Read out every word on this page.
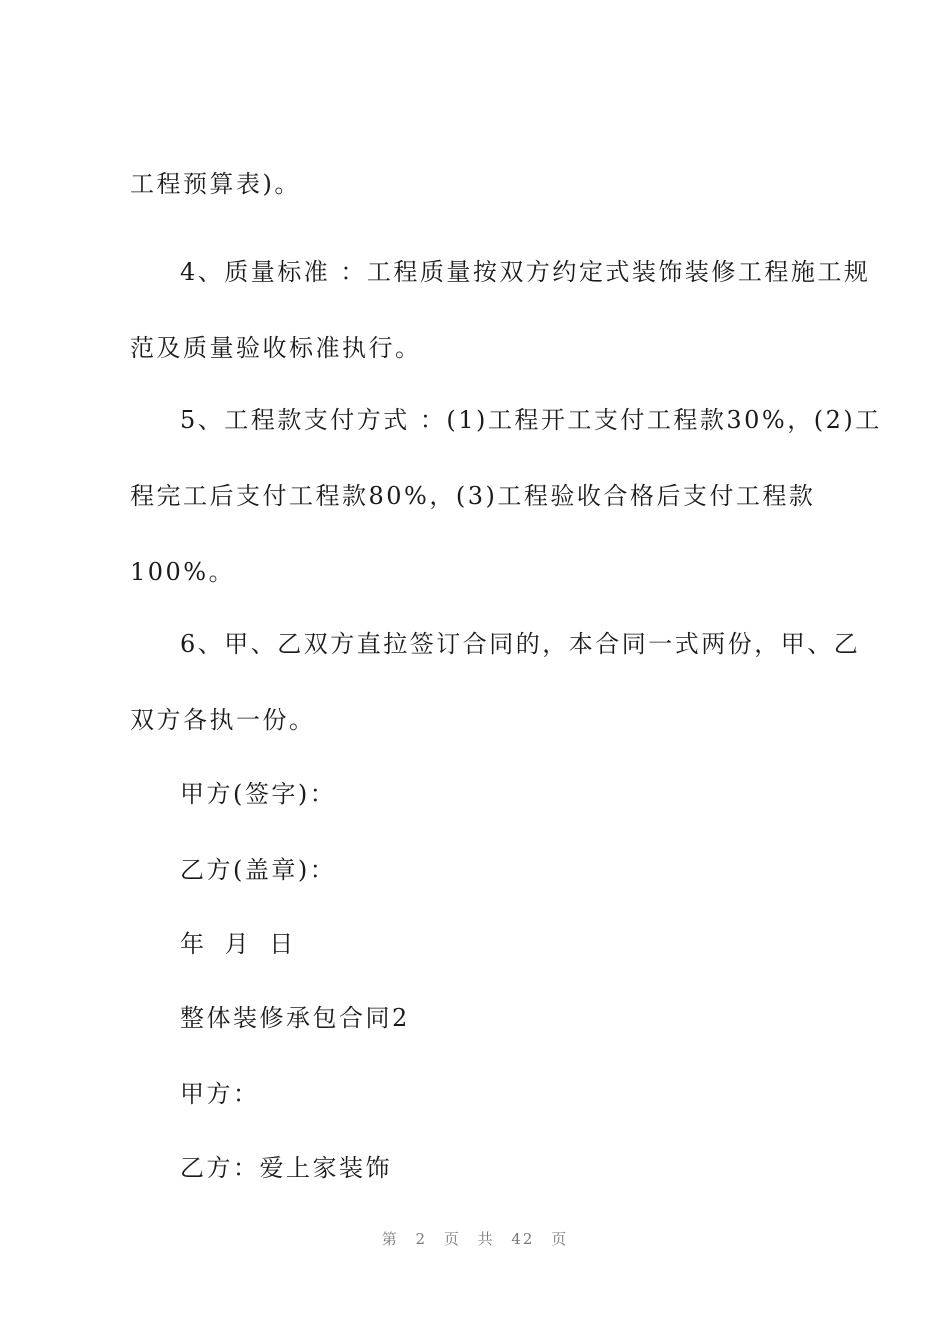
工程预算表)。
4、质量标准 ：工程质量按双方约定式装饰装修工程施工规
范及质量验收标准执行。
5、工程款支付方式 ：(1)工程开工支付工程款30%，(2)工
程完工后支付工程款80%，(3)工程验收合格后支付工程款
100%。
6、甲、乙双方直拉签订合同的，本合同一式两份，甲、乙
双方各执一份。
甲方(签字)：
乙方(盖章)：
年 月 日
整体装修承包合同2
甲方：
乙方：爱上家装饰
第 2 页 共 42 页
